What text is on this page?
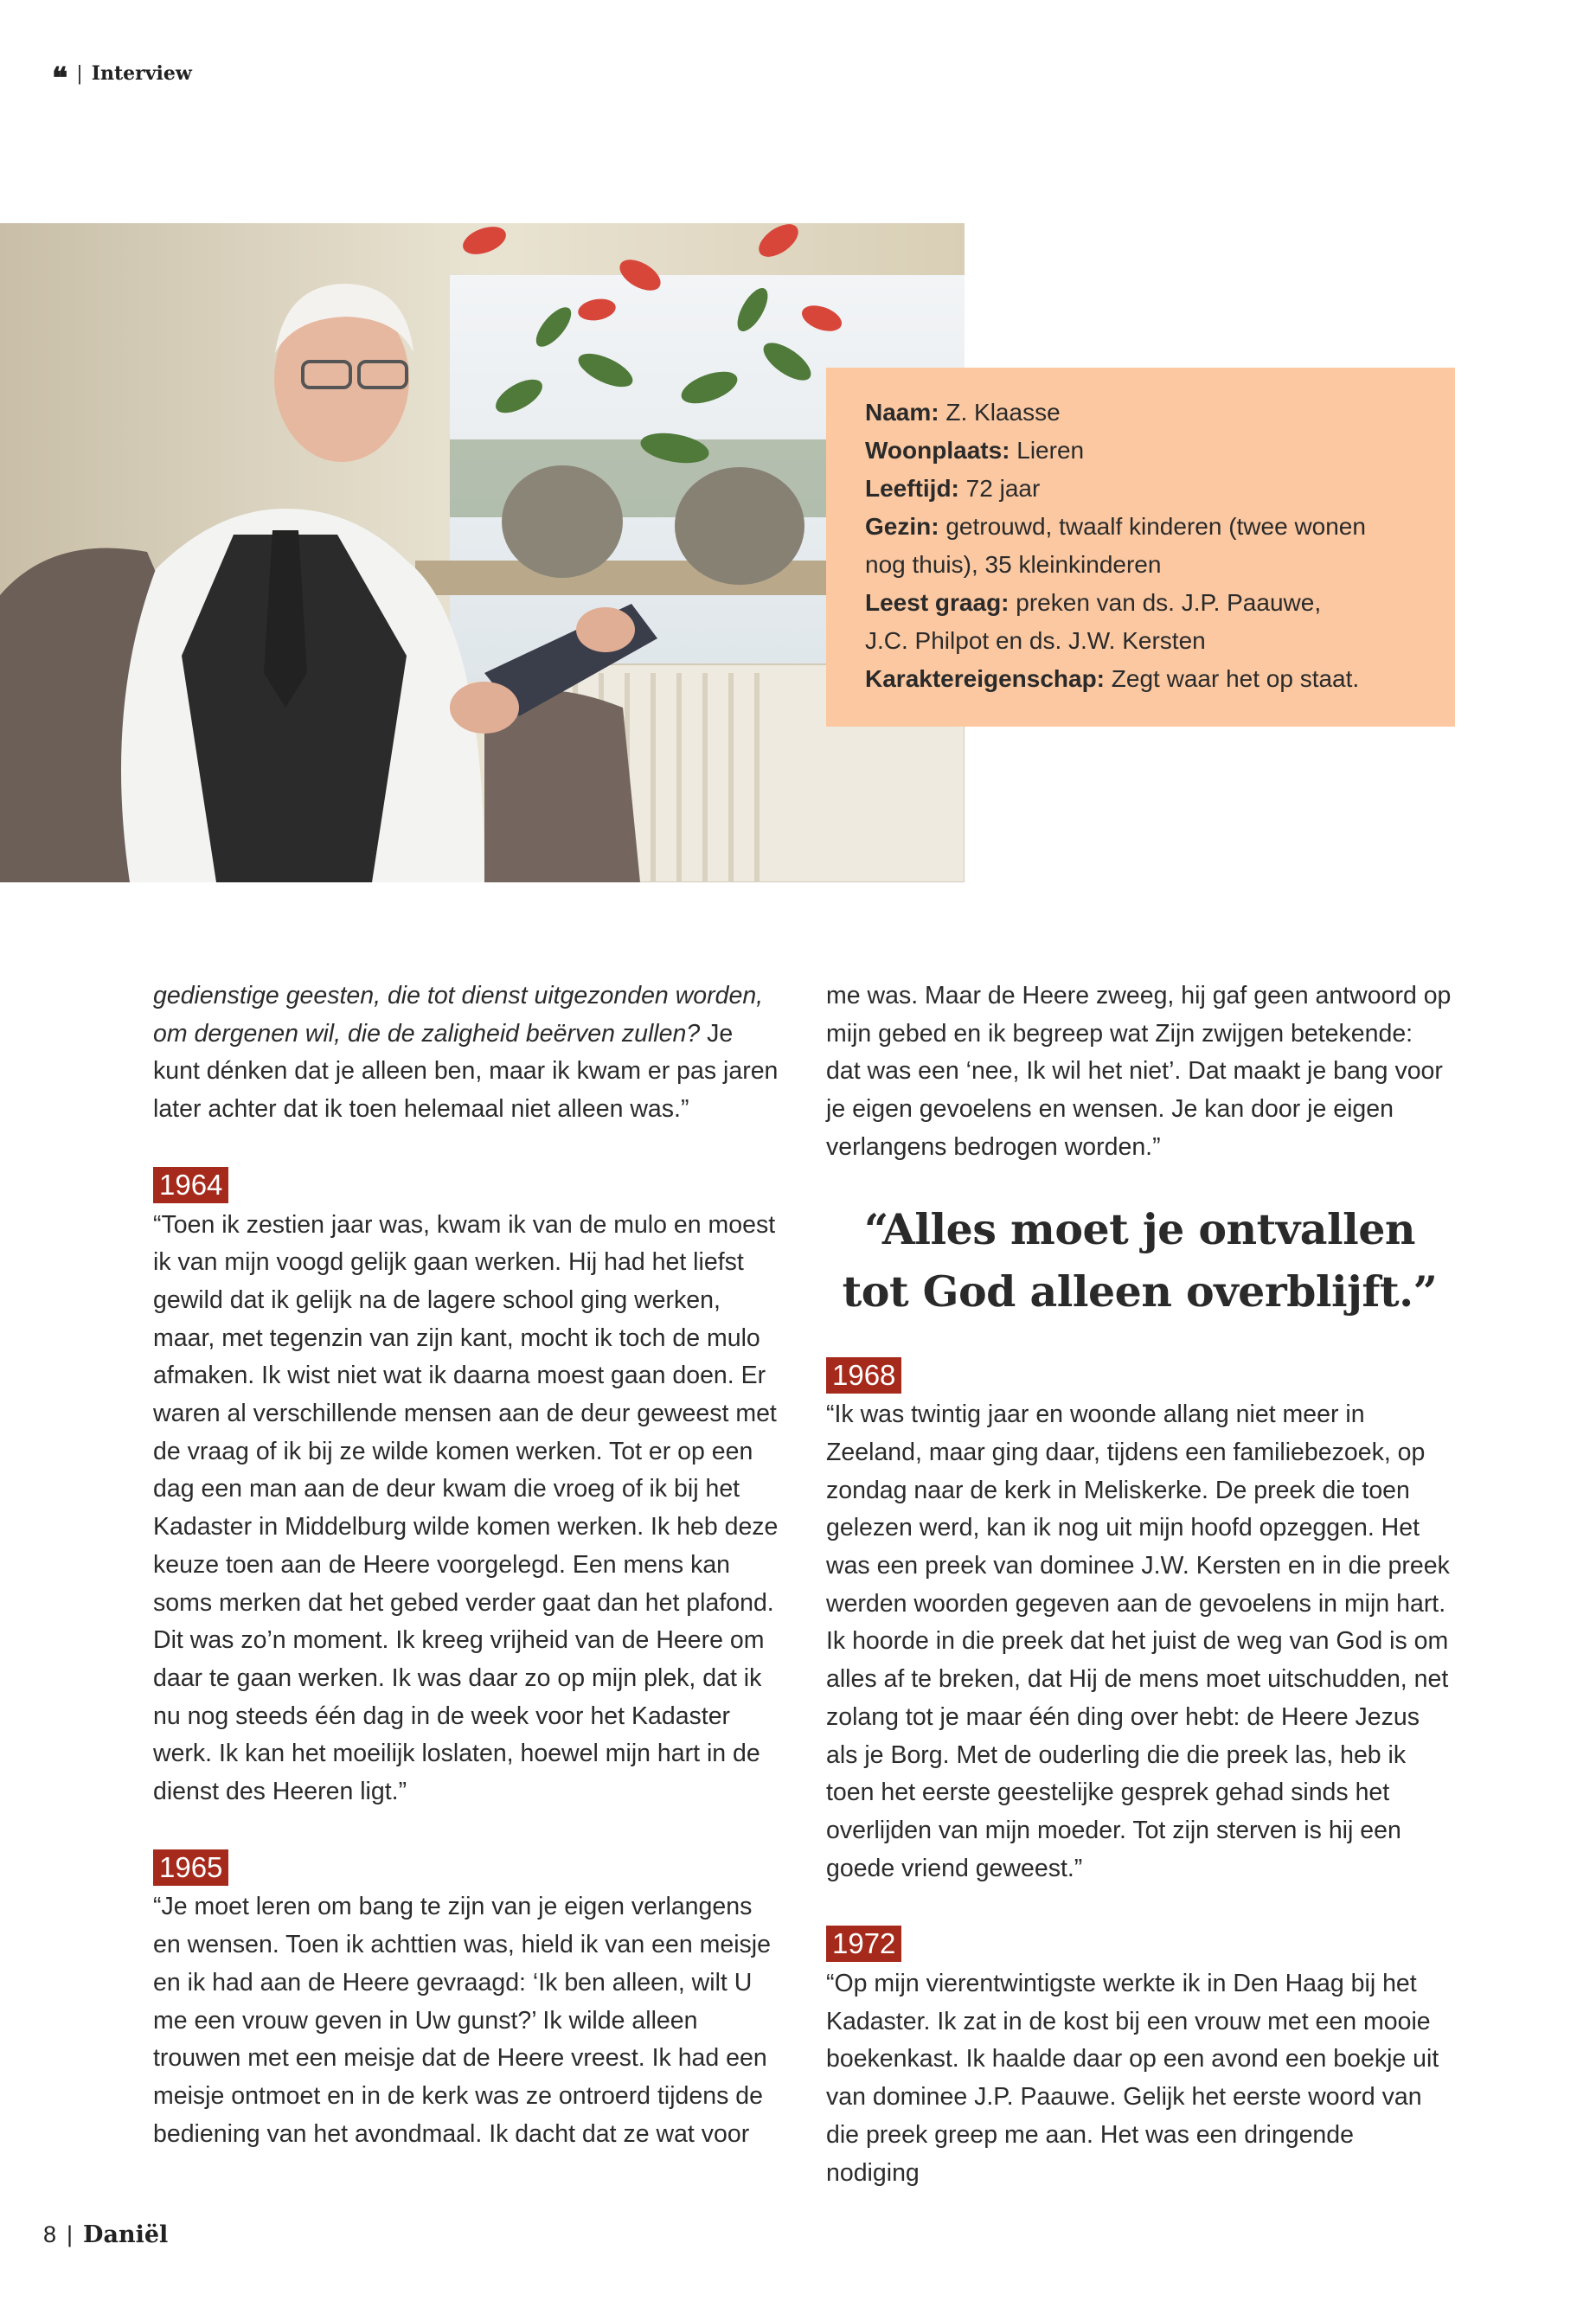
❝ | Interview
Naam: Z. Klaasse
Woonplaats: Lieren
Leeftijd: 72 jaar
Gezin: getrouwd, twaalf kinderen (twee wonen
nog thuis), 35 kleinkinderen
Leest graag: preken van ds. J.P. Paauwe,
J.C. Philpot en ds. J.W. Kersten
Karaktereigenschap: Zegt waar het op staat.

gedienstige geesten, die tot dienst uitgezonden worden, om dergenen wil, die de zaligheid beërven zullen? Je kunt dénken dat je alleen ben, maar ik kwam er pas jaren later achter dat ik toen helemaal niet alleen was.”

1964

“Toen ik zestien jaar was, kwam ik van de mulo en moest ik van mijn voogd gelijk gaan werken. Hij had het liefst gewild dat ik gelijk na de lagere school ging werken, maar, met tegenzin van zijn kant, mocht ik toch de mulo afmaken. Ik wist niet wat ik daarna moest gaan doen. Er waren al verschillende mensen aan de deur geweest met de vraag of ik bij ze wilde komen werken. Tot er op een dag een man aan de deur kwam die vroeg of ik bij het Kadaster in Middelburg wilde komen werken. Ik heb deze keuze toen aan de Heere voorgelegd. Een mens kan soms merken dat het gebed verder gaat dan het plafond. Dit was zo’n moment. Ik kreeg vrijheid van de Heere om daar te gaan werken. Ik was daar zo op mijn plek, dat ik nu nog steeds één dag in de week voor het Kadaster werk. Ik kan het moeilijk loslaten, hoewel mijn hart in de dienst des Heeren ligt.”

1965

“Je moet leren om bang te zijn van je eigen verlangens en wensen. Toen ik achttien was, hield ik van een meisje en ik had aan de Heere gevraagd: ‘Ik ben alleen, wilt U me een vrouw geven in Uw gunst?’ Ik wilde alleen trouwen met een meisje dat de Heere vreest. Ik had een meisje ontmoet en in de kerk was ze ontroerd tijdens de bediening van het avondmaal. Ik dacht dat ze wat voor

me was. Maar de Heere zweeg, hij gaf geen antwoord op mijn gebed en ik begreep wat Zijn zwijgen betekende: dat was een ‘nee, Ik wil het niet’. Dat maakt je bang voor je eigen gevoelens en wensen. Je kan door je eigen verlangens bedrogen worden.”

“Alles moet je ontvallen tot God alleen overblijft.”
1968

“Ik was twintig jaar en woonde allang niet meer in Zeeland, maar ging daar, tijdens een familiebezoek, op zondag naar de kerk in Meliskerke. De preek die toen gelezen werd, kan ik nog uit mijn hoofd opzeggen. Het was een preek van dominee J.W. Kersten en in die preek werden woorden gegeven aan de gevoelens in mijn hart. Ik hoorde in die preek dat het juist de weg van God is om alles af te breken, dat Hij de mens moet uitschudden, net zolang tot je maar één ding over hebt: de Heere Jezus als je Borg. Met de ouderling die die preek las, heb ik toen het eerste geestelijke gesprek gehad sinds het overlijden van mijn moeder. Tot zijn sterven is hij een goede vriend geweest.”

1972

“Op mijn vierentwintigste werkte ik in Den Haag bij het Kadaster. Ik zat in de kost bij een vrouw met een mooie boekenkast. Ik haalde daar op een avond een boekje uit van dominee J.P. Paauwe. Gelijk het eerste woord van die preek greep me aan. Het was een dringende nodiging

8 | Daniël
